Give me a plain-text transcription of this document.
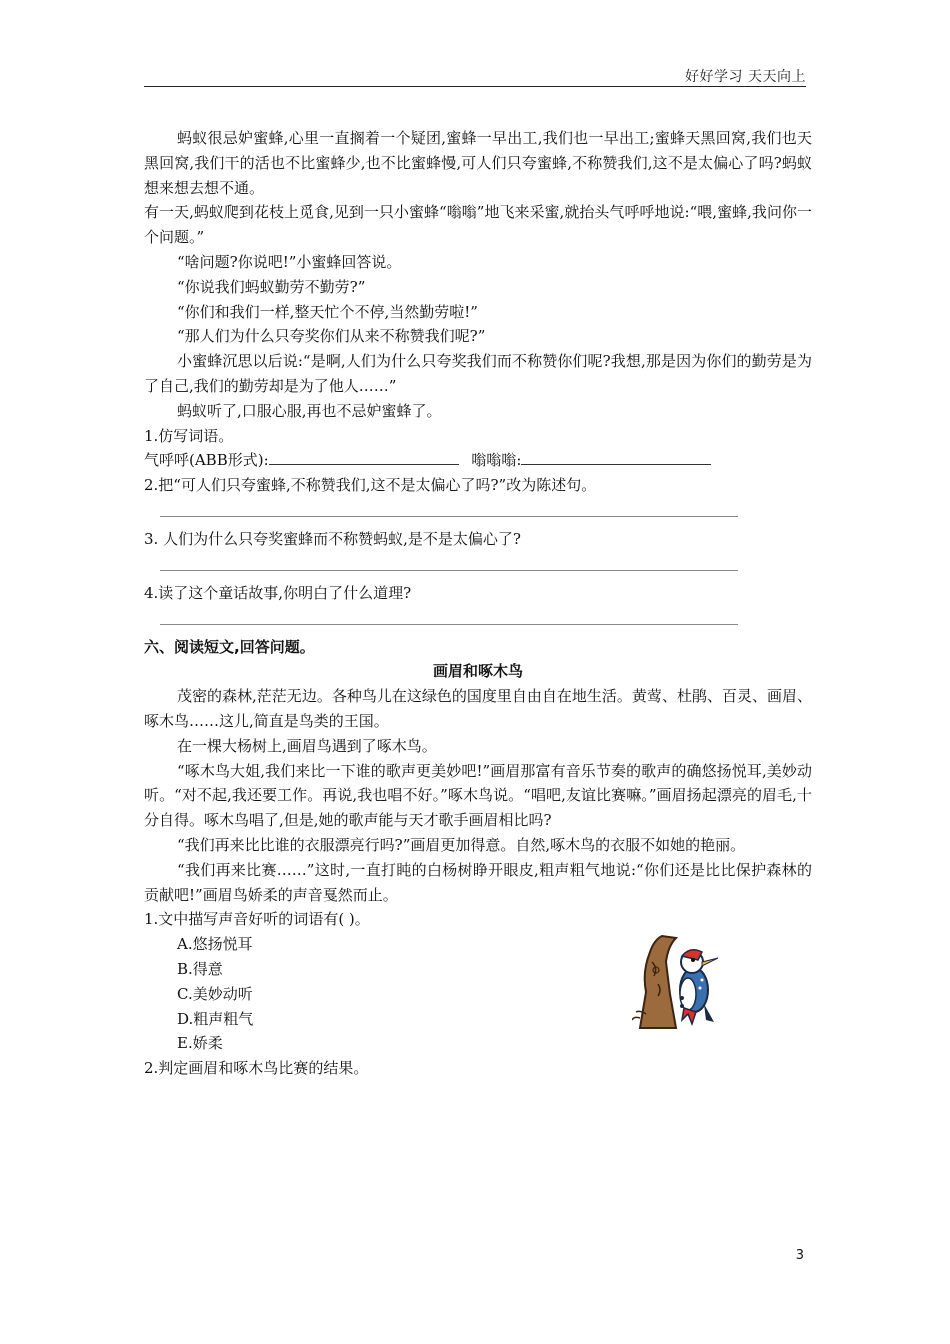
好好学习 天天向上

蚂蚁很忌妒蜜蜂,心里一直搁着一个疑团,蜜蜂一早出工,我们也一早出工;蜜蜂天黑回窝,我们也天黑回窝,我们干的活也不比蜜蜂少,也不比蜜蜂慢,可人们只夸蜜蜂,不称赞我们,这不是太偏心了吗?蚂蚁想来想去想不通。

有一天,蚂蚁爬到花枝上觅食,见到一只小蜜蜂“嗡嗡”地飞来采蜜,就抬头气呼呼地说:“喂,蜜蜂,我问你一个问题。”

“啥问题?你说吧!”小蜜蜂回答说。

“你说我们蚂蚁勤劳不勤劳?”

“你们和我们一样,整天忙个不停,当然勤劳啦!”

“那人们为什么只夸奖你们从来不称赞我们呢?”

小蜜蜂沉思以后说:“是啊,人们为什么只夸奖我们而不称赞你们呢?我想,那是因为你们的勤劳是为了自己,我们的勤劳却是为了他人……”

蚂蚁听了,口服心服,再也不忌妒蜜蜂了。

1.仿写词语。

气呼呼(ABB形式):	嗡嗡嗡:

2.把“可人们只夸蜜蜂,不称赞我们,这不是太偏心了吗?”改为陈述句。

3. 人们为什么只夸奖蜜蜂而不称赞蚂蚁,是不是太偏心了?

4.读了这个童话故事,你明白了什么道理?

六、阅读短文,回答问题。

画眉和啄木鸟

茂密的森林,茫茫无边。各种鸟儿在这绿色的国度里自由自在地生活。黄莺、杜鹃、百灵、画眉、啄木鸟……这儿,简直是鸟类的王国。

在一棵大杨树上,画眉鸟遇到了啄木鸟。

“啄木鸟大姐,我们来比一下谁的歌声更美妙吧!”画眉那富有音乐节奏的歌声的确悠扬悦耳,美妙动听。“对不起,我还要工作。再说,我也唱不好。”啄木鸟说。“唱吧,友谊比赛嘛。”画眉扬起漂亮的眉毛,十分自得。啄木鸟唱了,但是,她的歌声能与天才歌手画眉相比吗?

“我们再来比比谁的衣服漂亮行吗?”画眉更加得意。自然,啄木鸟的衣服不如她的艳丽。

“我们再来比赛……”这时,一直打盹的白杨树睁开眼皮,粗声粗气地说:“你们还是比比保护森林的贡献吧!”画眉鸟娇柔的声音戛然而止。

1.文中描写声音好听的词语有( )。

A.悠扬悦耳

B.得意

C.美妙动听

D.粗声粗气

E.娇柔

2.判定画眉和啄木鸟比赛的结果。

3
